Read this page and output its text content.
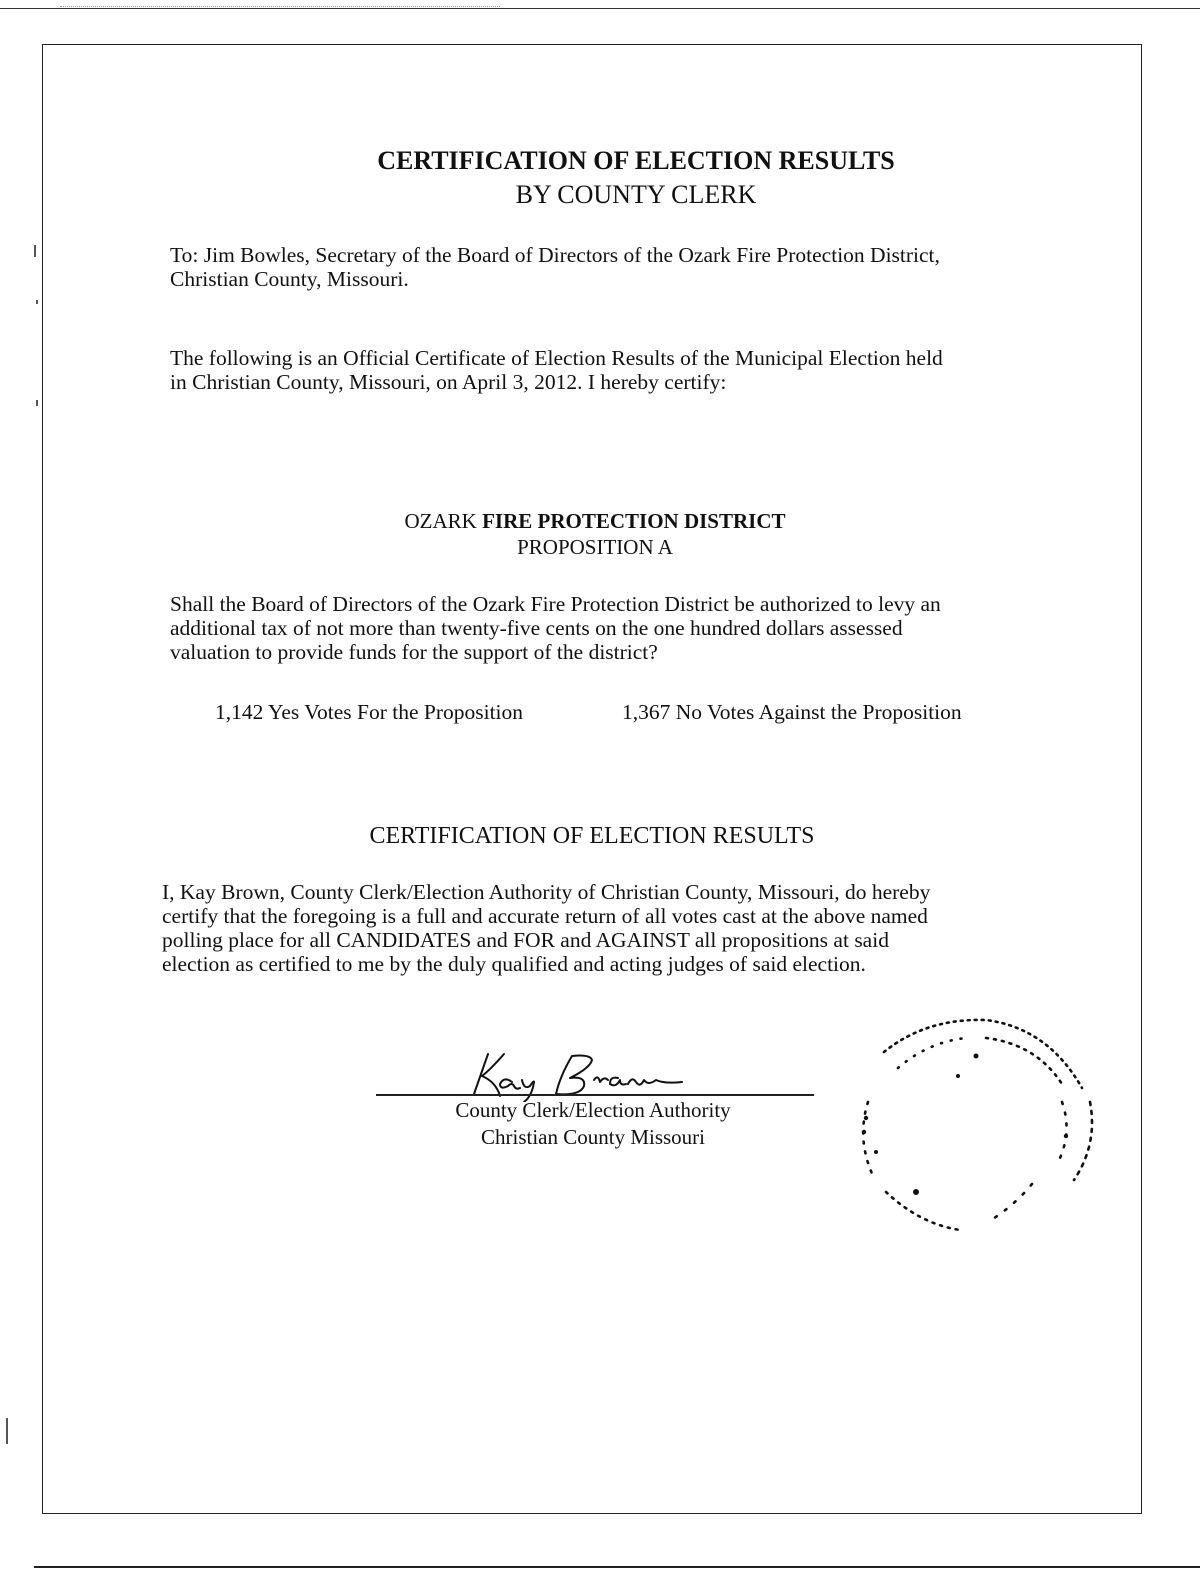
CERTIFICATION OF ELECTION RESULTS
BY COUNTY CLERK
To: Jim Bowles, Secretary of the Board of Directors of the Ozark Fire Protection District,
Christian County, Missouri.
The following is an Official Certificate of Election Results of the Municipal Election held
in Christian County, Missouri, on April 3, 2012. I hereby certify:
OZARK FIRE PROTECTION DISTRICT
PROPOSITION A
Shall the Board of Directors of the Ozark Fire Protection District be authorized to levy an
additional tax of not more than twenty-five cents on the one hundred dollars assessed
valuation to provide funds for the support of the district?
1,142 Yes Votes For the Proposition	1,367 No Votes Against the Proposition
CERTIFICATION OF ELECTION RESULTS
I, Kay Brown, County Clerk/Election Authority of Christian County, Missouri, do hereby
certify that the foregoing is a full and accurate return of all votes cast at the above named
polling place for all CANDIDATES and FOR and AGAINST all propositions at said
election as certified to me by the duly qualified and acting judges of said election.
County Clerk/Election Authority
Christian County Missouri
